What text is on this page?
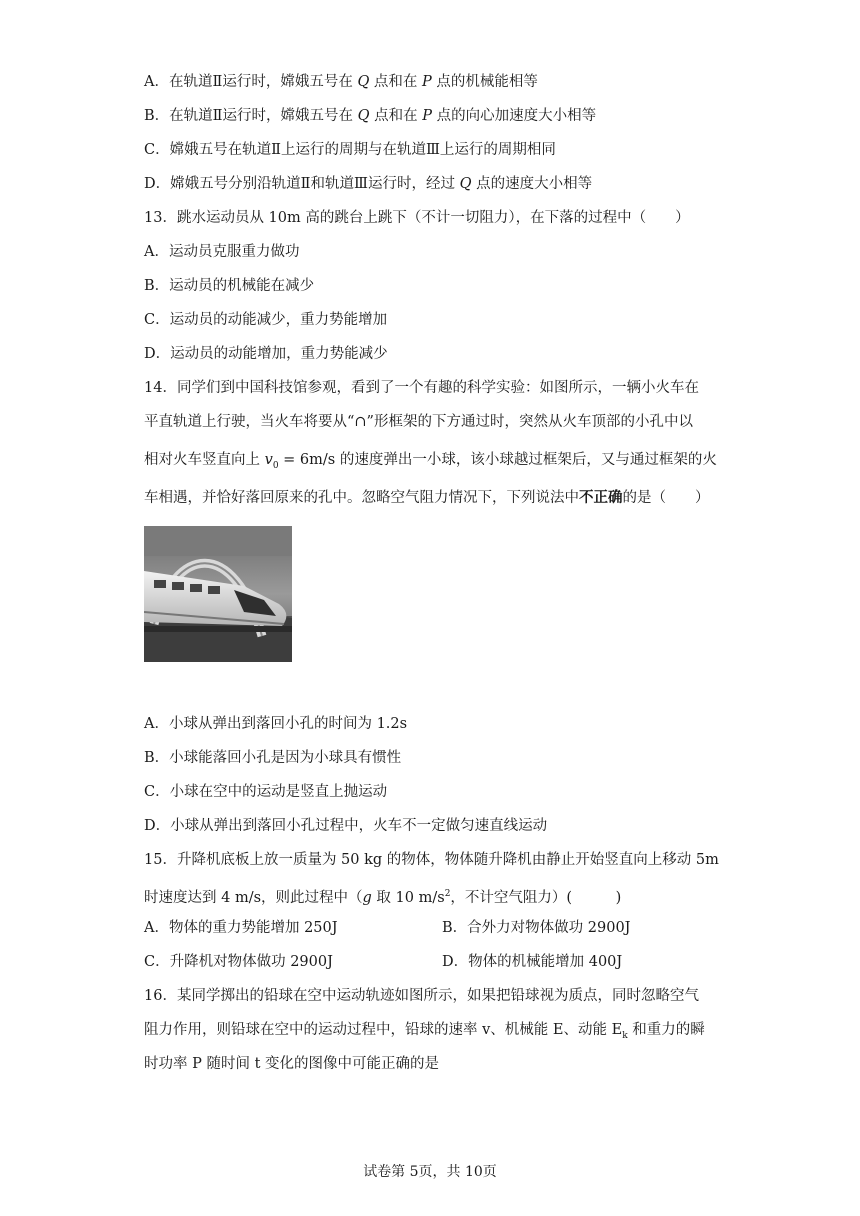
A．在轨道Ⅱ运行时，嫦娥五号在 Q 点和在 P 点的机械能相等
B．在轨道Ⅱ运行时，嫦娥五号在 Q 点和在 P 点的向心加速度大小相等
C．嫦娥五号在轨道Ⅱ上运行的周期与在轨道Ⅲ上运行的周期相同
D．嫦娥五号分别沿轨道Ⅱ和轨道Ⅲ运行时，经过 Q 点的速度大小相等
13．跳水运动员从 10m 高的跳台上跳下（不计一切阻力），在下落的过程中（　　）
A．运动员克服重力做功
B．运动员的机械能在减少
C．运动员的动能减少，重力势能增加
D．运动员的动能增加，重力势能减少
14．同学们到中国科技馆参观，看到了一个有趣的科学实验：如图所示，一辆小火车在
平直轨道上行驶，当火车将要从“∩”形框架的下方通过时，突然从火车顶部的小孔中以
相对火车竖直向上 $v_0 = 6m/s$ 的速度弹出一小球，该小球越过框架后，又与通过框架的火
车相遇，并恰好落回原来的孔中。忽略空气阻力情况下，下列说法中不正确的是（　　）
A．小球从弹出到落回小孔的时间为 1.2s
B．小球能落回小孔是因为小球具有惯性
C．小球在空中的运动是竖直上抛运动
D．小球从弹出到落回小孔过程中，火车不一定做匀速直线运动
15．升降机底板上放一质量为 50 kg 的物体，物体随升降机由静止开始竖直向上移动 5m
时速度达到 4 m/s，则此过程中（g 取 10 $m/s^2$，不计空气阻力）(　　　)
A．物体的重力势能增加 250J	B．合外力对物体做功 2900J
C．升降机对物体做功 2900J	D．物体的机械能增加 400J
16．某同学掷出的铅球在空中运动轨迹如图所示，如果把铅球视为质点，同时忽略空气
阻力作用，则铅球在空中的运动过程中，铅球的速率 v、机械能 E、动能 $E_k$ 和重力的瞬
时功率 P 随时间 t 变化的图像中可能正确的是
试卷第 5页，共 10页
